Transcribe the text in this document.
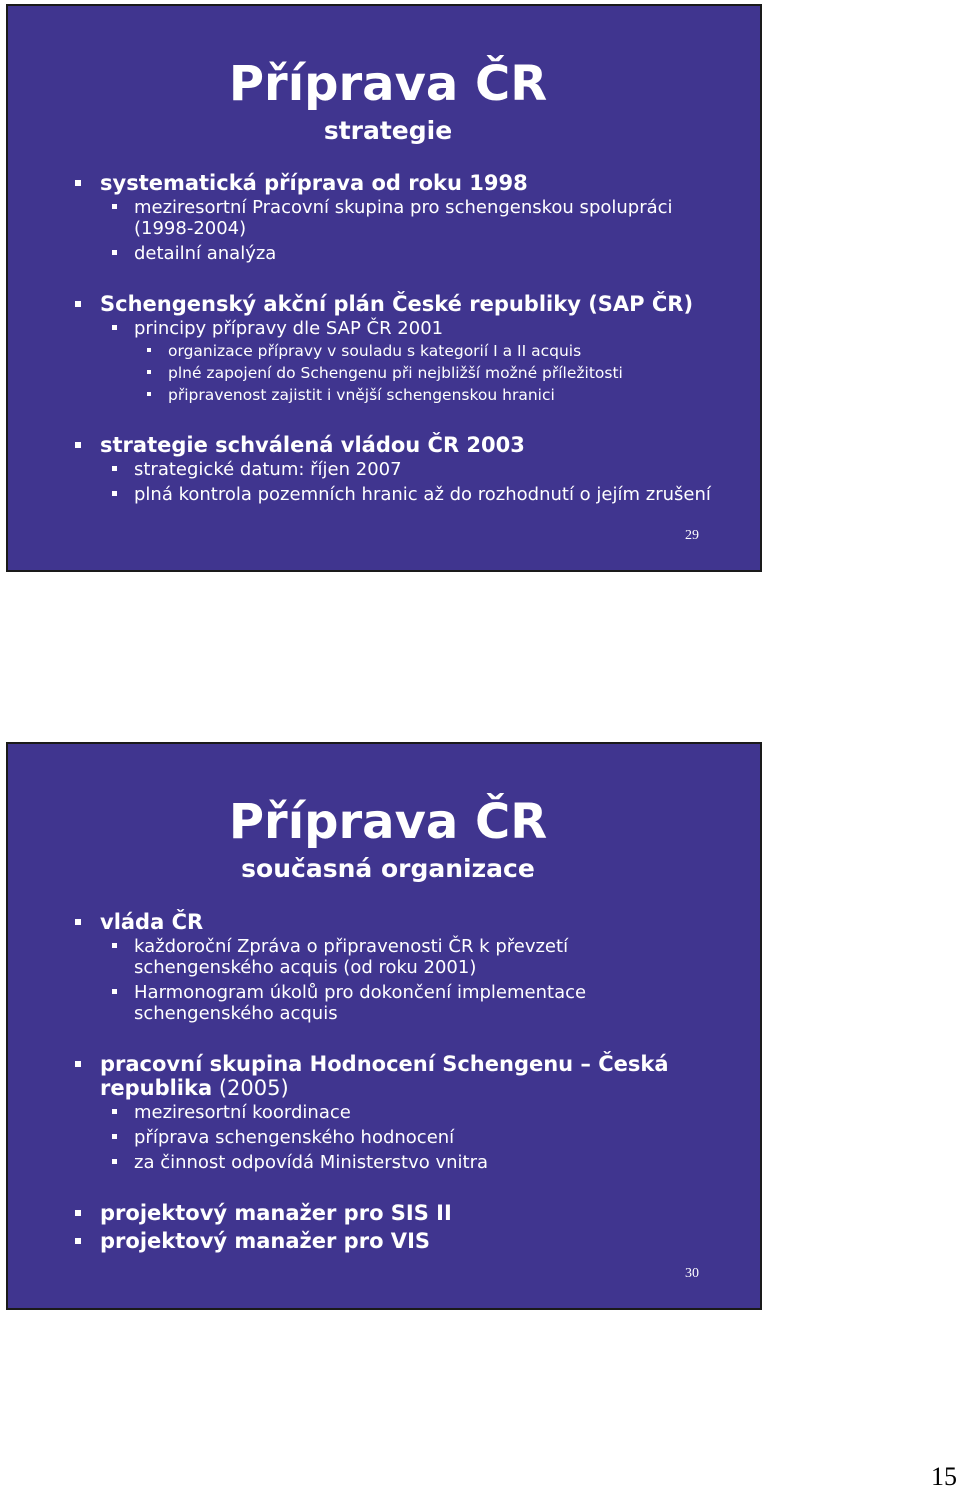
Příprava ČR
strategie
systematická příprava od roku 1998
meziresortní Pracovní skupina pro schengenskou spolupráci (1998-2004)
detailní analýza
Schengenský akční plán České republiky (SAP ČR)
principy přípravy dle SAP ČR 2001
organizace přípravy v souladu s kategorií I a II acquis
plné zapojení do Schengenu při nejbližší možné příležitosti
připravenost zajistit i vnější schengenskou hranici
strategie schválená vládou ČR 2003
strategické datum: říjen 2007
plná kontrola pozemních hranic až do rozhodnutí o jejím zrušení
29
Příprava ČR
současná organizace
vláda ČR
každoroční Zpráva o připravenosti ČR k převzetí schengenského acquis (od roku 2001)
Harmonogram úkolů pro dokončení implementace schengenského acquis
pracovní skupina Hodnocení Schengenu – Česká republika (2005)
meziresortní koordinace
příprava schengenského hodnocení
za činnost odpovídá Ministerstvo vnitra
projektový manažer pro SIS II
projektový manažer pro VIS
30
15
